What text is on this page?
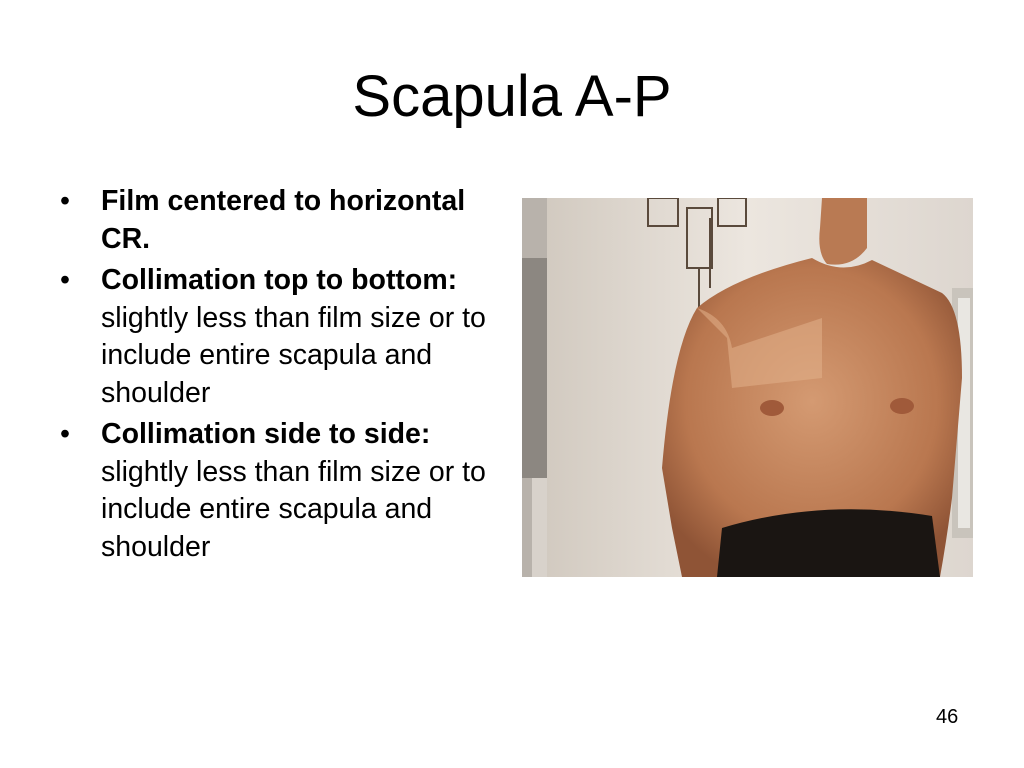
Scapula A-P
• Film centered to horizontal CR.
• Collimation top to bottom: slightly less than film size or to include entire scapula and shoulder
• Collimation side to side: slightly less than film size or to include entire scapula and shoulder
46
